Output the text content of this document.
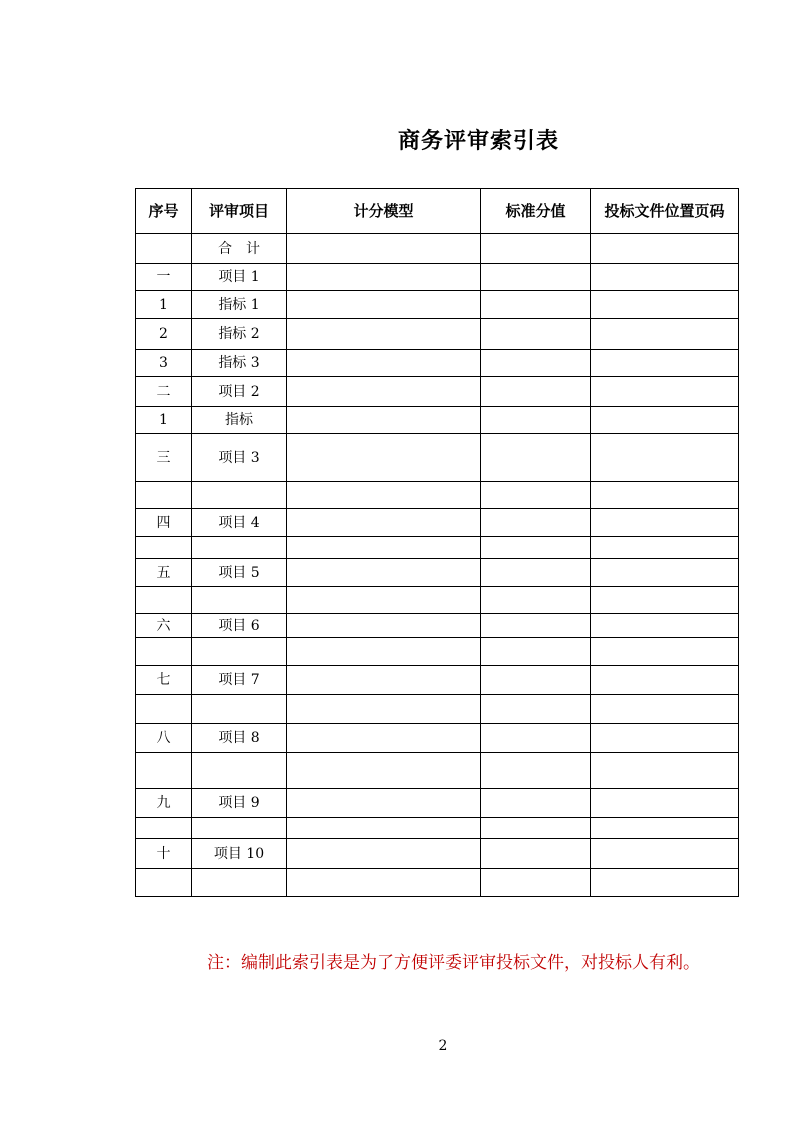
商务评审索引表
序号	评审项目	计分模型	标准分值	投标文件位置页码
	合　计			
一	项目 1			
1	指标 1			
2	指标 2			
3	指标 3			
二	项目 2			
1	指标			
三	项目 3			

四	项目 4			

五	项目 5			

六	项目 6			

七	项目 7			

八	项目 8			

九	项目 9			

十	项目 10			

注：编制此索引表是为了方便评委评审投标文件，对投标人有利。
2
